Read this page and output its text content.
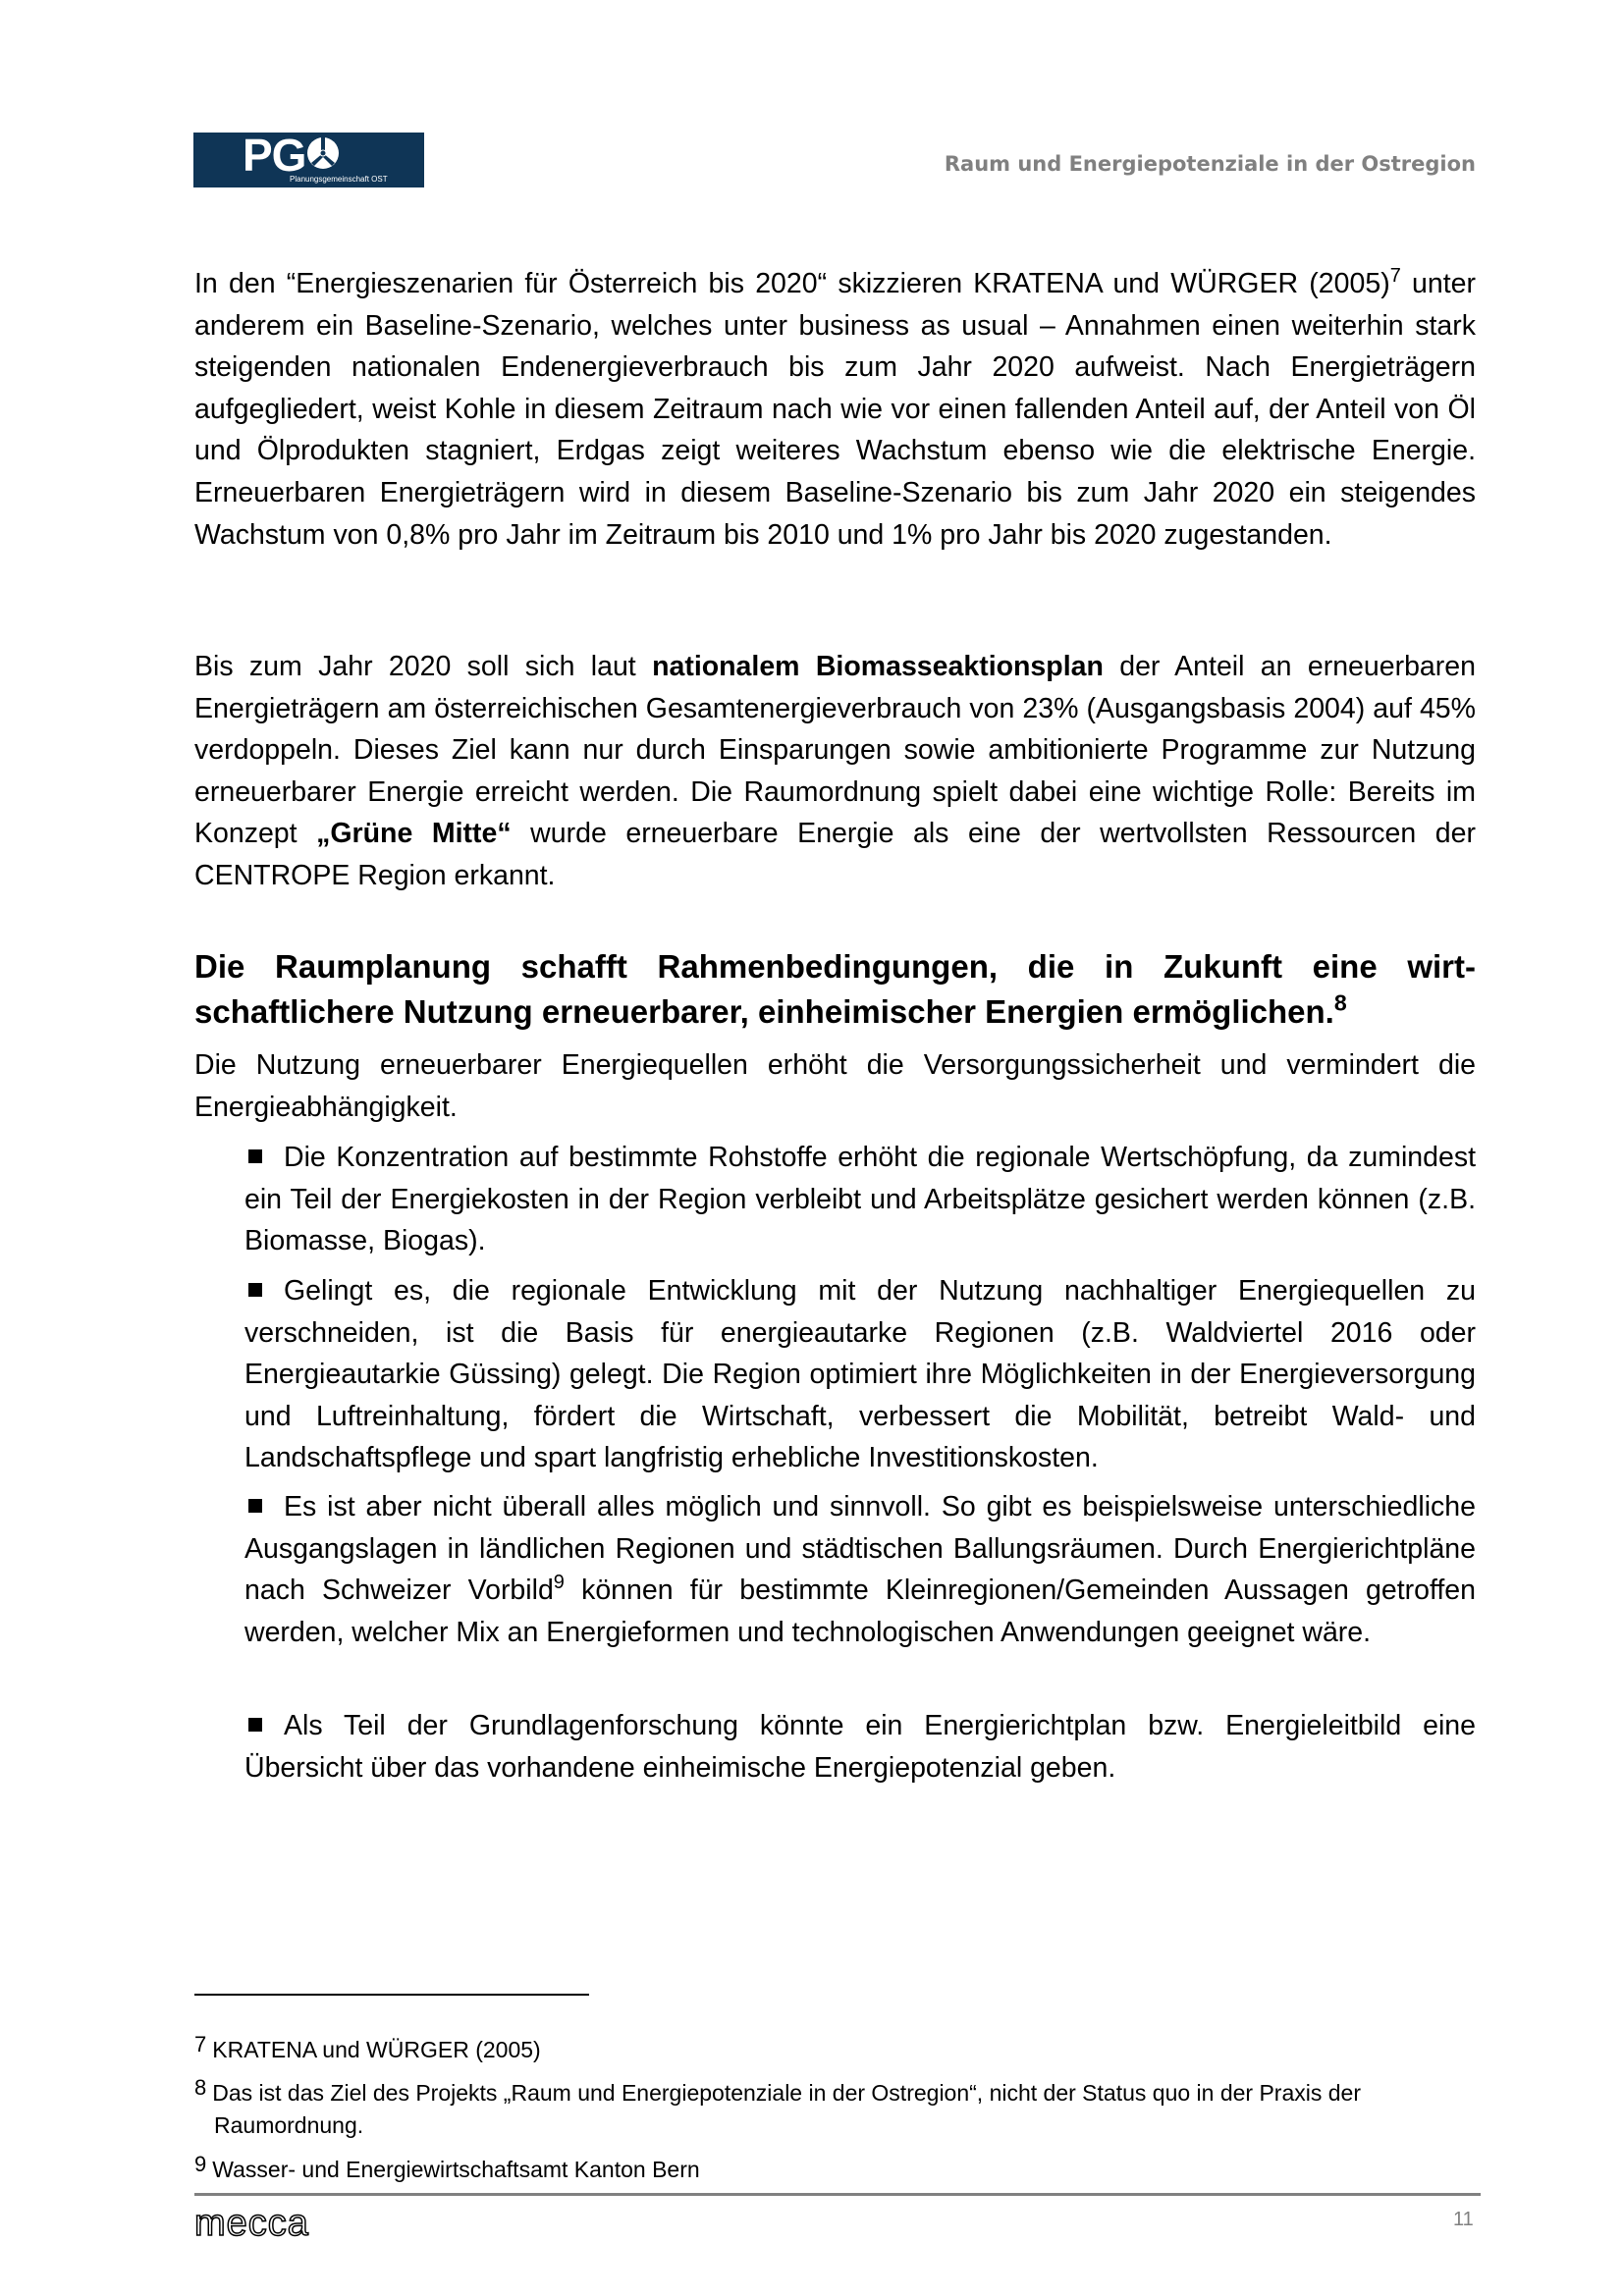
PG
Planungsgemeinschaft OST
Raum und Energiepotenziale in der Ostregion
In den “Energieszenarien für Österreich bis 2020“ skizzieren KRATENA und WÜRGER $(2005)^7$ unter anderem ein Baseline-Szenario, welches unter business as usual – Annahmen einen weiterhin stark steigenden nationalen Endenergieverbrauch bis zum Jahr 2020 aufweist. Nach Energieträgern aufgegliedert, weist Kohle in diesem Zeitraum nach wie vor einen fallenden Anteil auf, der Anteil von Öl und Ölprodukten stagniert, Erdgas zeigt weiteres Wachstum ebenso wie die elektrische Energie. Erneuerbaren Energieträgern wird in diesem Baseline-Szenario bis zum Jahr 2020 ein steigendes Wachstum von 0,8% pro Jahr im Zeitraum bis 2010 und 1% pro Jahr bis 2020 zugestanden.
Bis zum Jahr 2020 soll sich laut nationalem Biomasseaktionsplan der Anteil an erneuerbaren Energieträgern am österreichischen Gesamtenergieverbrauch von 23% (Ausgangsbasis 2004) auf 45% verdoppeln. Dieses Ziel kann nur durch Einsparungen sowie ambitionierte Programme zur Nutzung erneuerbarer Energie erreicht werden. Die Raumordnung spielt dabei eine wichtige Rolle: Bereits im Konzept „Grüne Mitte“ wurde erneuerbare Energie als eine der wertvollsten Ressourcen der CENTROPE Region erkannt.
Die Raumplanung schafft Rahmenbedingungen, die in Zukunft eine wirt-schaftlichere Nutzung erneuerbarer, einheimischer Energien ermöglichen.$^8$
Die Nutzung erneuerbarer Energiequellen erhöht die Versorgungssicherheit und vermindert die Energieabhängigkeit.
Die Konzentration auf bestimmte Rohstoffe erhöht die regionale Wertschöpfung, da zumindest ein Teil der Energiekosten in der Region verbleibt und Arbeitsplätze gesichert werden können (z.B. Biomasse, Biogas).
Gelingt es, die regionale Entwicklung mit der Nutzung nachhaltiger Energiequellen zu verschneiden, ist die Basis für energieautarke Regionen (z.B. Waldviertel 2016 oder Energieautarkie Güssing) gelegt. Die Region optimiert ihre Möglichkeiten in der Energieversorgung und Luftreinhaltung, fördert die Wirtschaft, verbessert die Mobilität, betreibt Wald- und Landschaftspflege und spart langfristig erhebliche Investitionskosten.
Es ist aber nicht überall alles möglich und sinnvoll. So gibt es beispielsweise unterschiedliche Ausgangslagen in ländlichen Regionen und städtischen Ballungsräumen. Durch Energierichtpläne nach Schweizer Vorbild$^9$ können für bestimmte Kleinregionen/Gemeinden Aussagen getroffen werden, welcher Mix an Energieformen und technologischen Anwendungen geeignet wäre.
Als Teil der Grundlagenforschung könnte ein Energierichtplan bzw. Energieleitbild eine Übersicht über das vorhandene einheimische Energiepotenzial geben.
7 KRATENA und WÜRGER (2005)
8 Das ist das Ziel des Projekts „Raum und Energiepotenziale in der Ostregion“, nicht der Status quo in der Praxis der
Raumordnung.
9 Wasser- und Energiewirtschaftsamt Kanton Bern
mecca	11
